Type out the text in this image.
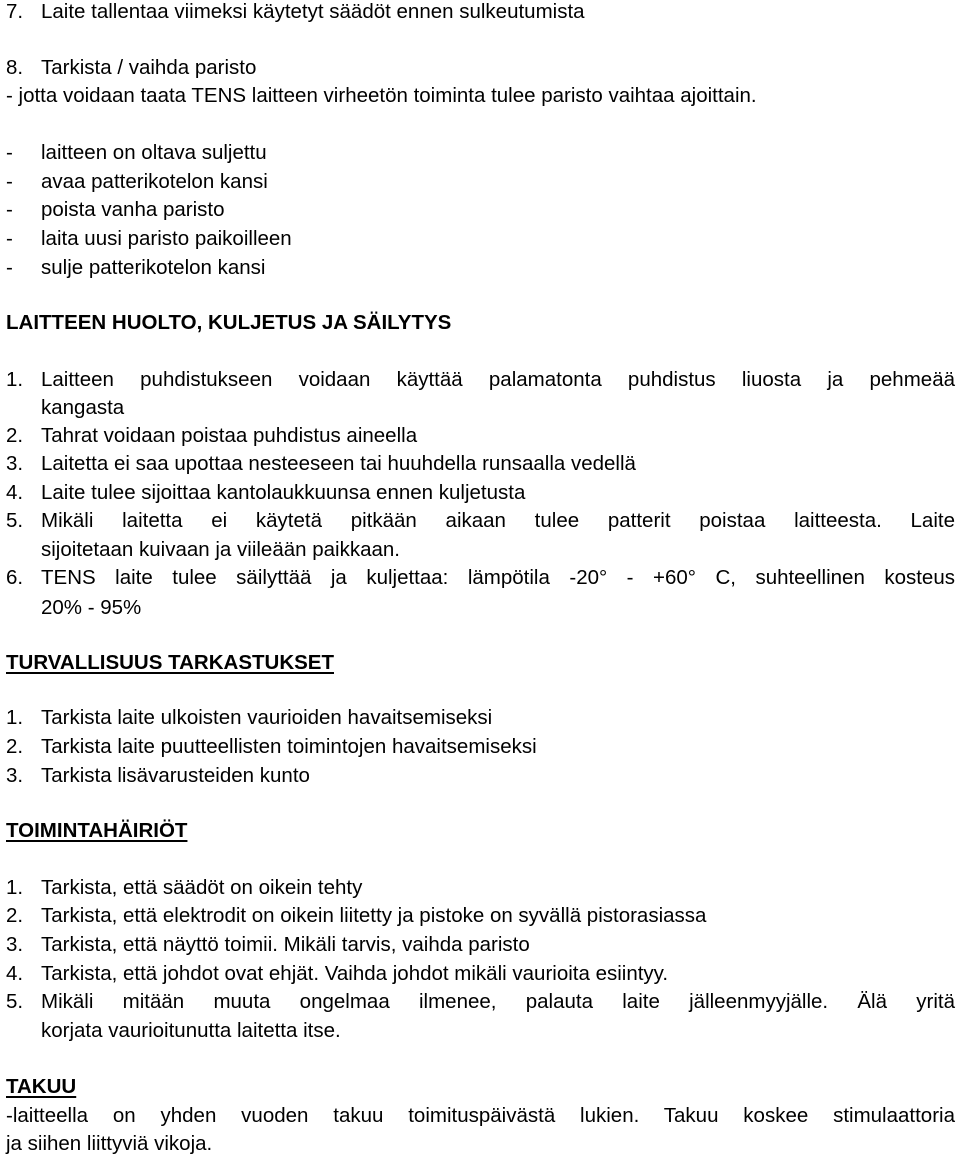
7. Laite tallentaa viimeksi käytetyt säädöt ennen sulkeutumista
8. Tarkista / vaihda paristo
- jotta voidaan taata TENS laitteen virheetön toiminta tulee paristo vaihtaa ajoittain.
- laitteen on oltava suljettu
- avaa patterikotelon kansi
- poista vanha paristo
- laita uusi paristo paikoilleen
- sulje patterikotelon kansi
LAITTEEN HUOLTO, KULJETUS JA SÄILYTYS
1. Laitteen puhdistukseen voidaan käyttää palamatonta puhdistus liuosta ja pehmeää
kangasta
2. Tahrat voidaan poistaa puhdistus aineella
3. Laitetta ei saa upottaa nesteeseen tai huuhdella runsaalla vedellä
4. Laite tulee sijoittaa kantolaukkuunsa ennen kuljetusta
5. Mikäli laitetta ei käytetä pitkään aikaan tulee patterit poistaa laitteesta. Laite
sijoitetaan kuivaan ja viileään paikkaan.
6. TENS laite tulee säilyttää ja kuljettaa: lämpötila -20° - +60° C, suhteellinen kosteus
20% - 95%
TURVALLISUUS TARKASTUKSET
1. Tarkista laite ulkoisten vaurioiden havaitsemiseksi
2. Tarkista laite puutteellisten toimintojen havaitsemiseksi
3. Tarkista lisävarusteiden kunto
TOIMINTAHÄIRIÖT
1. Tarkista, että säädöt on oikein tehty
2. Tarkista, että elektrodit on oikein liitetty ja pistoke on syvällä pistorasiassa
3. Tarkista, että näyttö toimii. Mikäli tarvis, vaihda paristo
4. Tarkista, että johdot ovat ehjät. Vaihda johdot mikäli vaurioita esiintyy.
5. Mikäli mitään muuta ongelmaa ilmenee, palauta laite jälleenmyyjälle. Älä yritä
korjata vaurioitunutta laitetta itse.
TAKUU
-laitteella on yhden vuoden takuu toimituspäivästä lukien. Takuu koskee stimulaattoria
ja siihen liittyviä vikoja.
